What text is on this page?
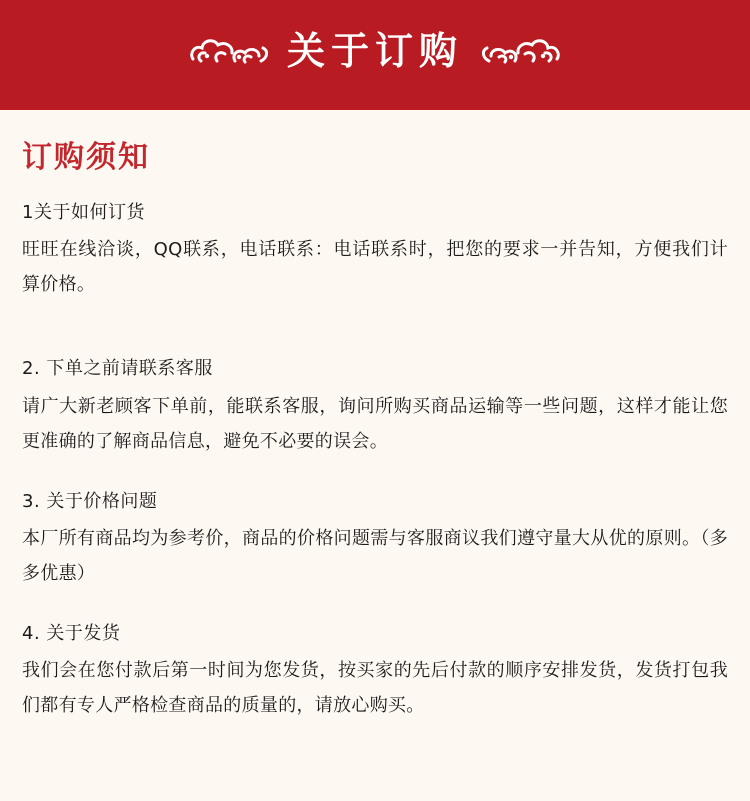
关于订购
订购须知

1关于如何订货

旺旺在线洽谈，QQ联系，电话联系：电话联系时，把您的要求一并告知，方便我们计算价格。

2. 下单之前请联系客服

请广大新老顾客下单前，能联系客服，询问所购买商品运输等一些问题，这样才能让您更准确的了解商品信息，避免不必要的误会。

3. 关于价格问题

本厂所有商品均为参考价，商品的价格问题需与客服商议我们遵守量大从优的原则。（多多优惠）

4. 关于发货

我们会在您付款后第一时间为您发货，按买家的先后付款的顺序安排发货，发货打包我们都有专人严格检查商品的质量的，请放心购买。
